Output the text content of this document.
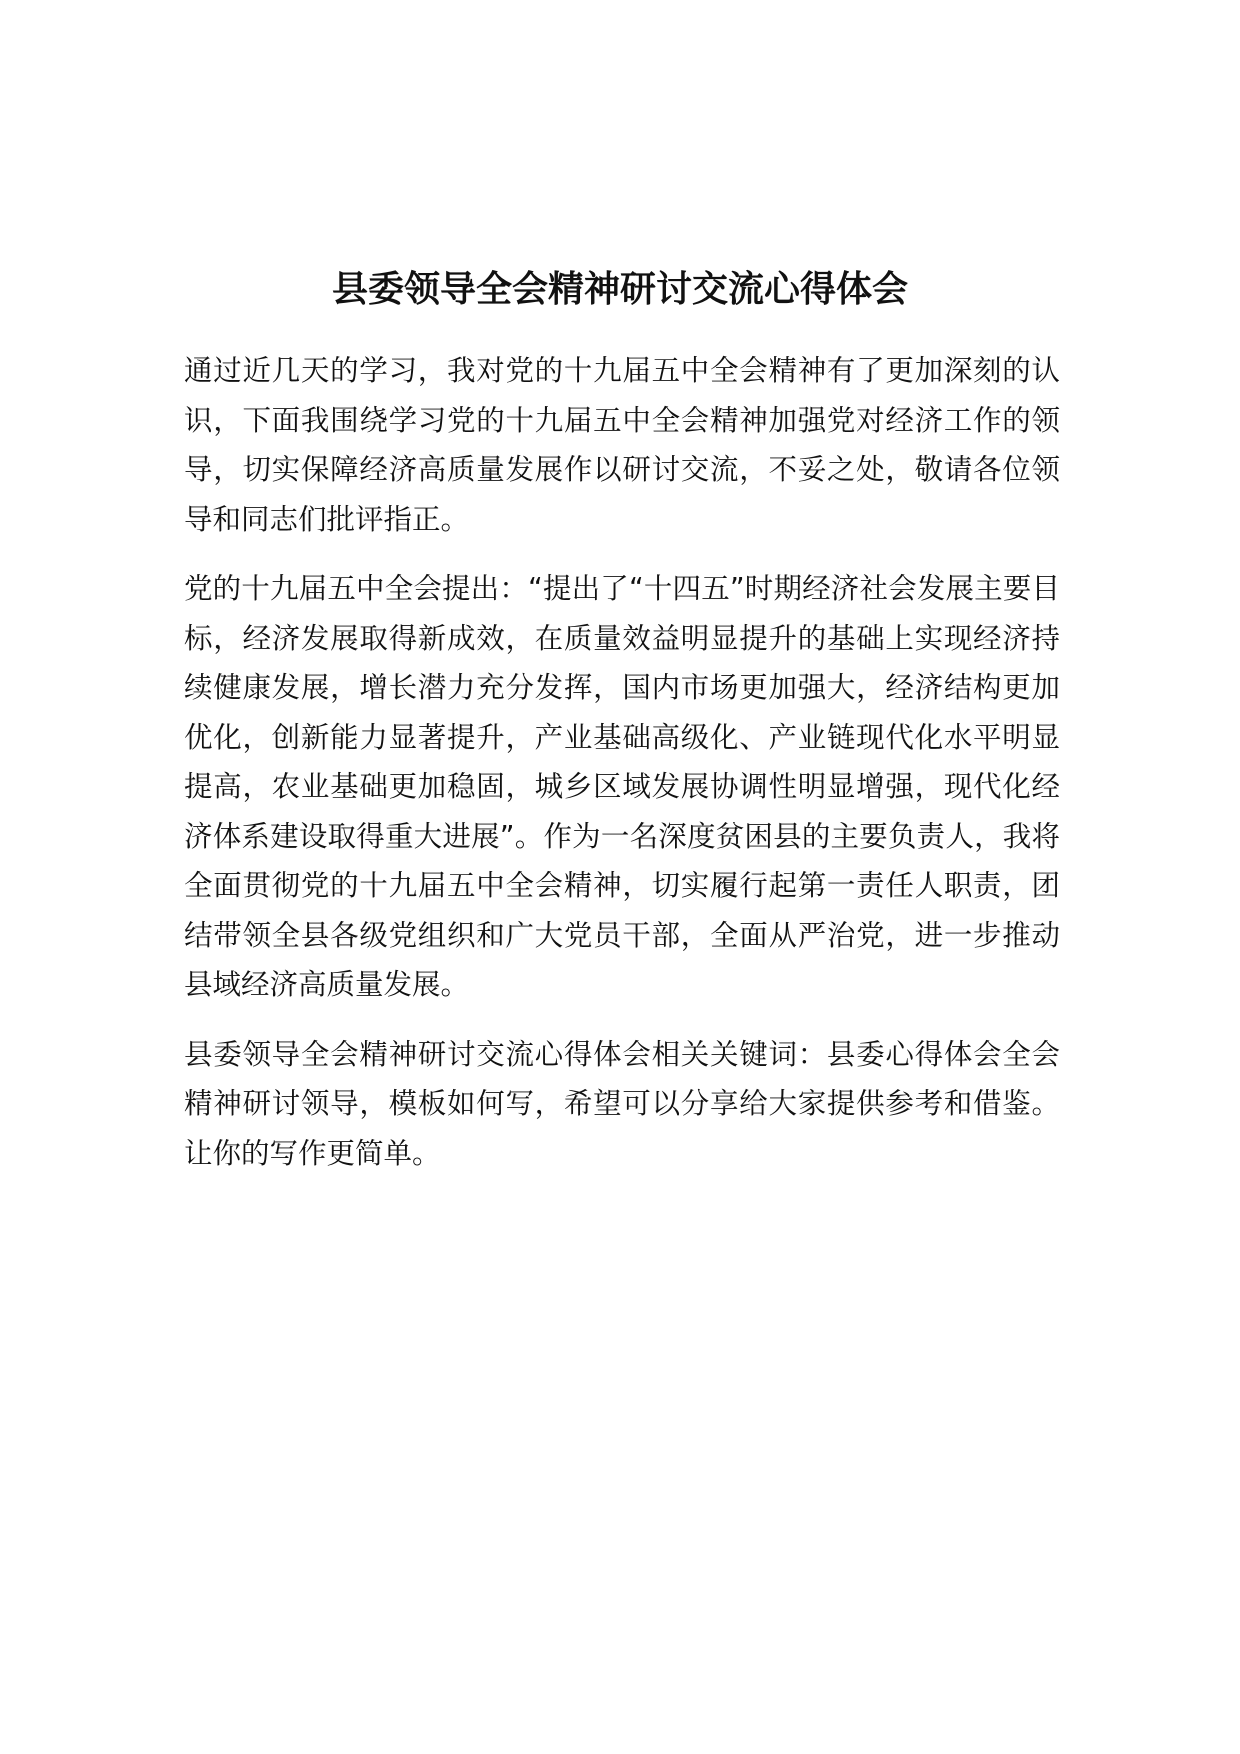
县委领导全会精神研讨交流心得体会

通过近几天的学习，我对党的十九届五中全会精神有了更加深刻的认识，下面我围绕学习党的十九届五中全会精神加强党对经济工作的领导，切实保障经济高质量发展作以研讨交流，不妥之处，敬请各位领导和同志们批评指正。

党的十九届五中全会提出：“提出了“十四五”时期经济社会发展主要目标，经济发展取得新成效，在质量效益明显提升的基础上实现经济持续健康发展，增长潜力充分发挥，国内市场更加强大，经济结构更加优化，创新能力显著提升，产业基础高级化、产业链现代化水平明显提高，农业基础更加稳固，城乡区域发展协调性明显增强，现代化经济体系建设取得重大进展”。作为一名深度贫困县的主要负责人，我将全面贯彻党的十九届五中全会精神，切实履行起第一责任人职责，团结带领全县各级党组织和广大党员干部，全面从严治党，进一步推动县域经济高质量发展。

县委领导全会精神研讨交流心得体会相关关键词：县委心得体会全会精神研讨领导，模板如何写，希望可以分享给大家提供参考和借鉴。让你的写作更简单。
